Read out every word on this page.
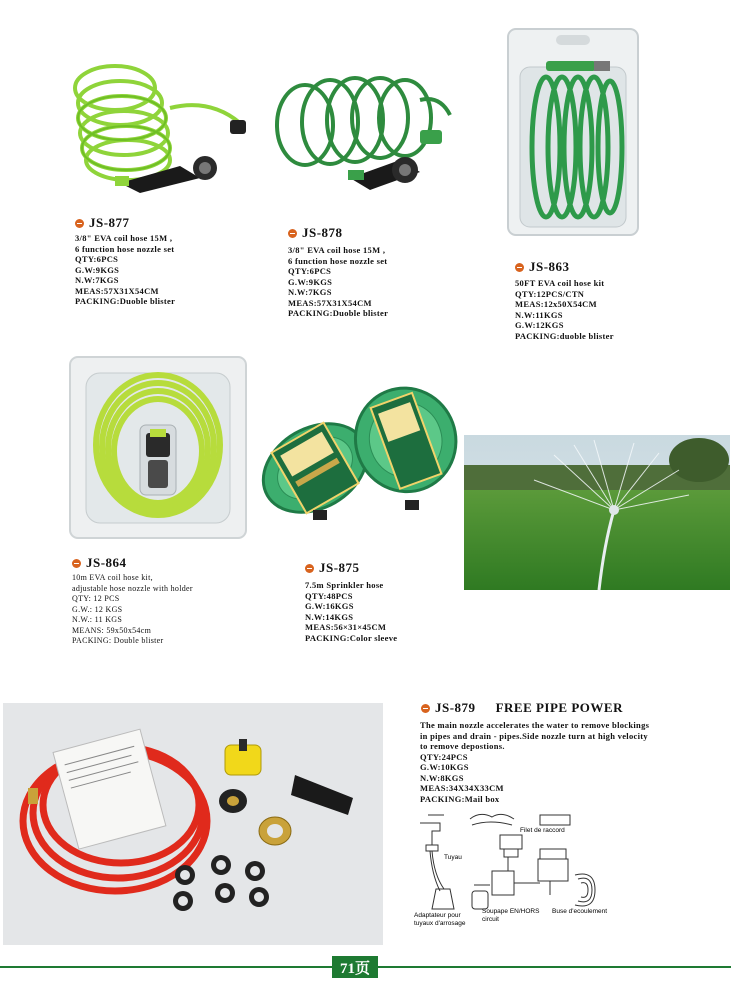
JS-877
3/8" EVA coil hose 15M ,
6 function hose nozzle set
QTY:6PCS
G.W:9KGS
N.W:7KGS
MEAS:57X31X54CM
PACKING:Duoble blister
JS-878
3/8" EVA coil hose 15M ,
6 function hose nozzle set
QTY:6PCS
G.W:9KGS
N.W:7KGS
MEAS:57X31X54CM
PACKING:Duoble blister
JS-863
50FT EVA coil hose kit
QTY:12PCS/CTN
MEAS:12x50X54CM
N.W:11KGS
G.W:12KGS
PACKING:duoble blister
JS-864
10m EVA coil hose kit,
adjustable hose nozzle with holder
QTY: 12 PCS
G.W.: 12 KGS
N.W.: 11 KGS
MEANS: 59x50x54cm
PACKING: Double blister
JS-875
7.5m Sprinkler hose
QTY:48PCS
G.W:16KGS
N.W:14KGS
MEAS:56×31×45CM
PACKING:Color sleeve
JS-879 FREE PIPE POWER
The main nozzle accelerates the water to remove blockings
in pipes and drain - pipes.Side nozzle turn at high velocity
to remove depostions.
QTY:24PCS
G.W:10KGS
N.W:8KGS
MEAS:34X34X33CM
PACKING:Mail box
Filet de raccord
Tuyau
Adaptateur pour
tuyaux d'arrosage
Soupape EN/HORS
circuit
Buse d'ecoulement
71页
